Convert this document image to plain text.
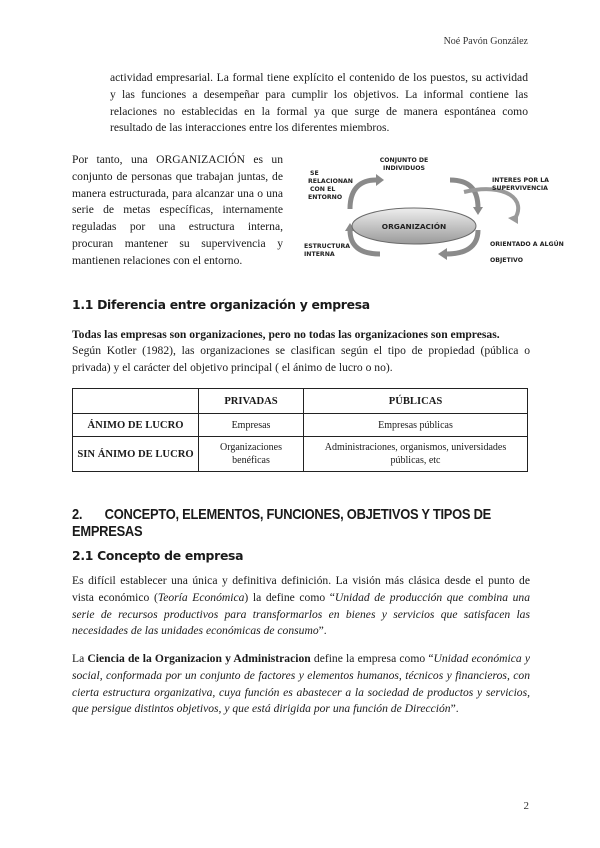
Noé Pavón González

actividad empresarial. La formal tiene explícito el contenido de los puestos, su actividad y las funciones a desempeñar para cumplir los objetivos. La informal contiene las relaciones no establecidas en la formal ya que surge de manera espontánea como resultado de las interacciones entre los diferentes miembros.

Por tanto, una ORGANIZACIÓN es un conjunto de personas que trabajan juntas, de manera estructurada, para alcanzar una o una serie de metas específicas, internamente reguladas por una estructura interna, procuran mantener su supervivencia y mantienen relaciones con el entorno.

ORGANIZACIÓN
CONJUNTO DE
INDIVIDUOS
SE
RELACIONAN
CON EL
ENTORNO
INTERES POR LA
SUPERVIVENCIA
ESTRUCTURA
INTERNA
ORIENTADO A ALGÚN
OBJETIVO
1.1 Diferencia entre organización y empresa

Todas las empresas son organizaciones, pero no todas las organizaciones son empresas.

Según Kotler (1982), las organizaciones se clasifican según el tipo de propiedad (pública o privada) y el carácter del objetivo principal ( el ánimo de lucro o no).

	PRIVADAS	PÚBLICAS
ÁNIMO DE LUCRO	Empresas	Empresas públicas
SIN ÁNIMO DE LUCRO	Organizaciones benéficas	Administraciones, organismos, universidades públicas, etc
2. CONCEPTO, ELEMENTOS, FUNCIONES, OBJETIVOS Y TIPOS DE EMPRESAS
2.1 Concepto de empresa

Es difícil establecer una única y definitiva definición. La visión más clásica desde el punto de vista económico (Teoría Económica) la define como “Unidad de producción que combina una serie de recursos productivos para transformarlos en bienes y servicios que satisfacen las necesidades de las unidades económicas de consumo”.

La Ciencia de la Organizacion y Administracion define la empresa como “Unidad económica y social, conformada por un conjunto de factores y elementos humanos, técnicos y financieros, con cierta estructura organizativa, cuya función es abastecer a la sociedad de productos y servicios, que persigue distintos objetivos, y que está dirigida por una función de Dirección”.

2
